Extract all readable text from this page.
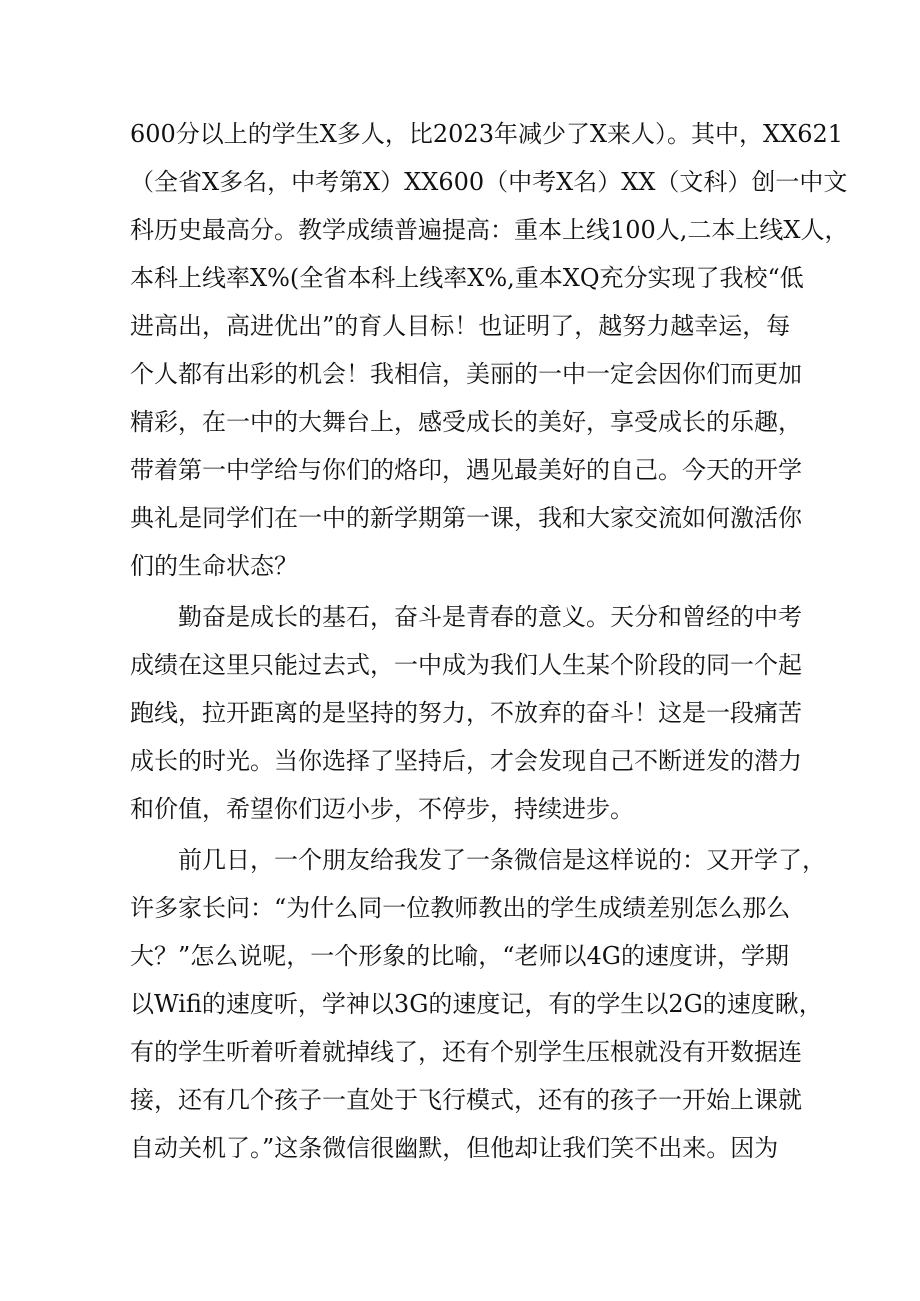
600分以上的学生X多人，比2023年减少了X来人）。其中，XX621
（全省X多名，中考第X）XX600（中考X名）XX（文科）创一中文
科历史最高分。教学成绩普遍提高：重本上线100人,二本上线X人，
本科上线率X%(全省本科上线率X%,重本XQ充分实现了我校“低
进高出，高进优出”的育人目标！也证明了，越努力越幸运，每
个人都有出彩的机会！我相信，美丽的一中一定会因你们而更加
精彩，在一中的大舞台上，感受成长的美好，享受成长的乐趣，
带着第一中学给与你们的烙印，遇见最美好的自己。今天的开学
典礼是同学们在一中的新学期第一课，我和大家交流如何激活你
们的生命状态？

　　勤奋是成长的基石，奋斗是青春的意义。天分和曾经的中考
成绩在这里只能过去式，一中成为我们人生某个阶段的同一个起
跑线，拉开距离的是坚持的努力，不放弃的奋斗！这是一段痛苦
成长的时光。当你选择了坚持后，才会发现自己不断迸发的潜力
和价值，希望你们迈小步，不停步，持续进步。

　　前几日，一个朋友给我发了一条微信是这样说的：又开学了，
许多家长问：“为什么同一位教师教出的学生成绩差别怎么那么
大？”怎么说呢，一个形象的比喻，“老师以4G的速度讲，学期
以Wifi的速度听，学神以3G的速度记，有的学生以2G的速度瞅，
有的学生听着听着就掉线了，还有个别学生压根就没有开数据连
接，还有几个孩子一直处于飞行模式，还有的孩子一开始上课就
自动关机了。”这条微信很幽默，但他却让我们笑不出来。因为
